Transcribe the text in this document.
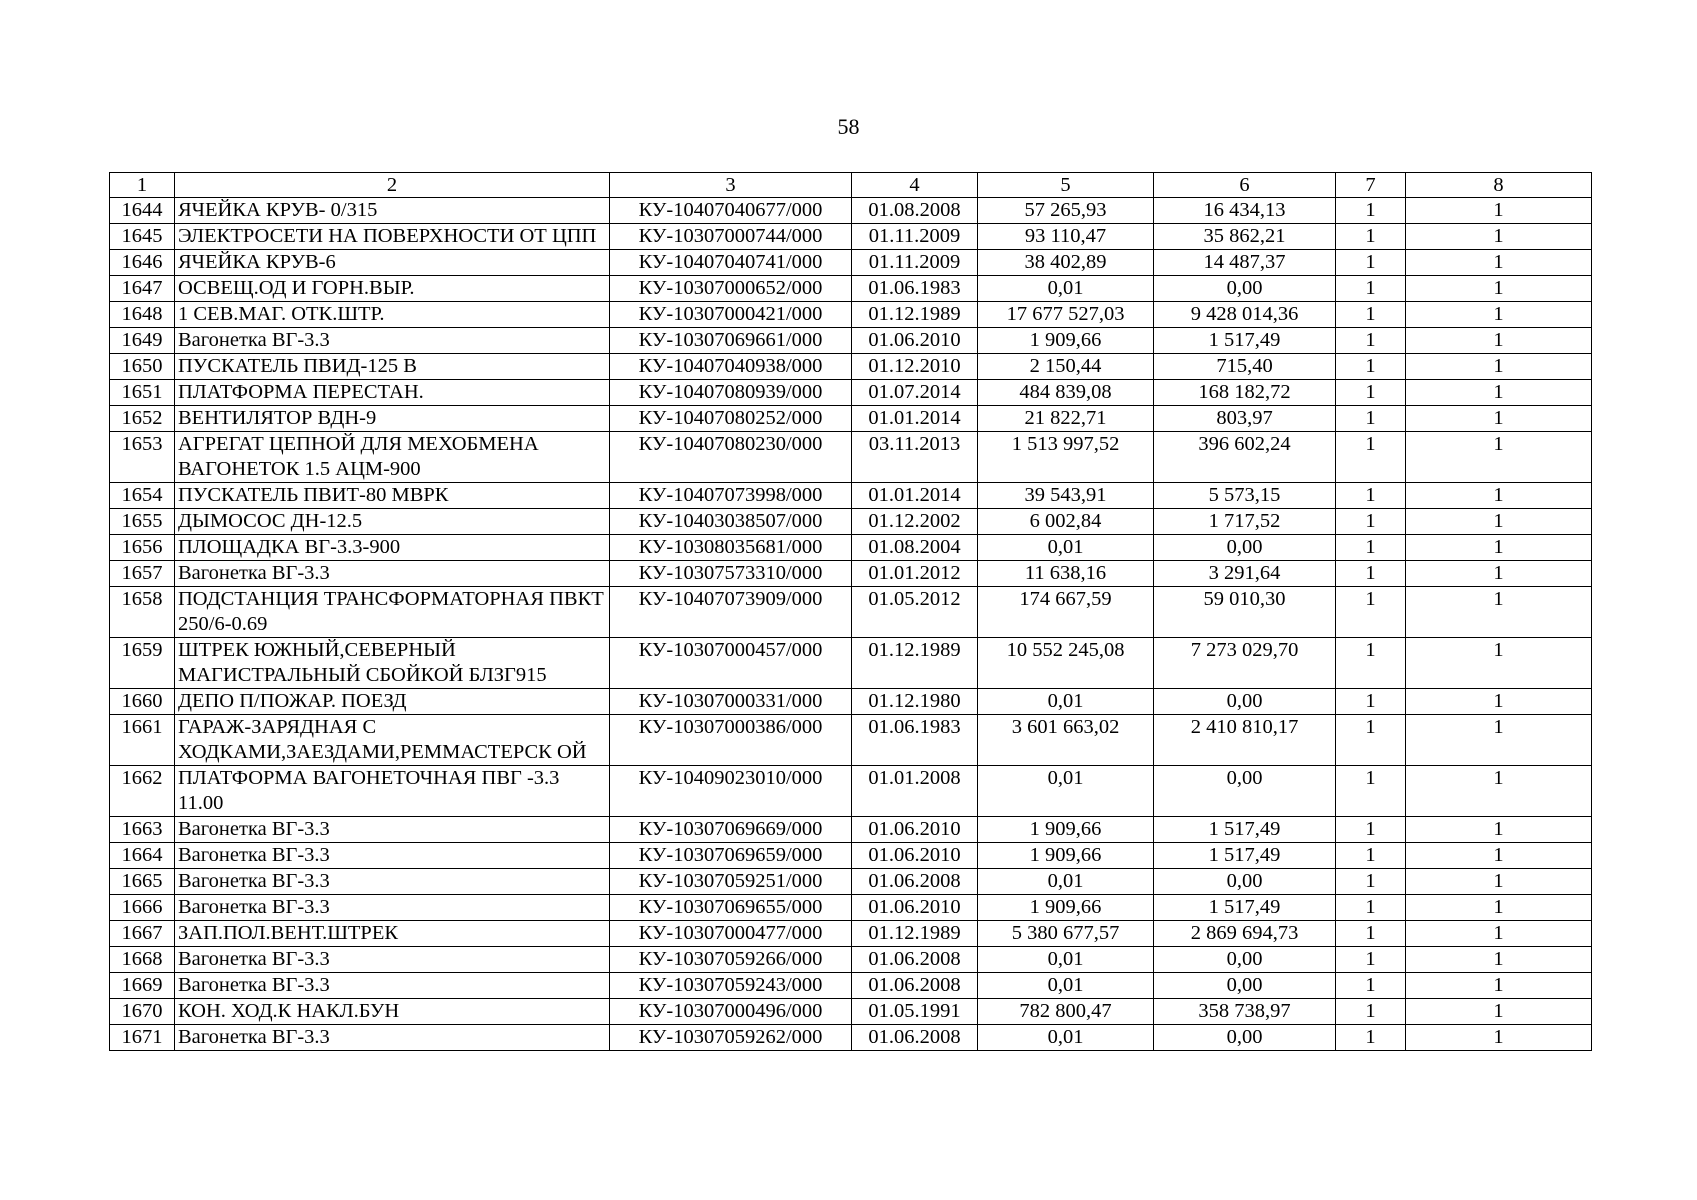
58
1	2	3	4	5	6	7	8
1644	ЯЧЕЙКА КРУВ- 0/315	КУ-10407040677/000	01.08.2008	57 265,93	16 434,13	1	1
1645	ЭЛЕКТРОСЕТИ НА ПОВЕРХНОСТИ ОТ ЦПП	КУ-10307000744/000	01.11.2009	93 110,47	35 862,21	1	1
1646	ЯЧЕЙКА КРУВ-6	КУ-10407040741/000	01.11.2009	38 402,89	14 487,37	1	1
1647	ОСВЕЩ.ОД И ГОРН.ВЫР.	КУ-10307000652/000	01.06.1983	0,01	0,00	1	1
1648	1 СЕВ.МАГ. ОТК.ШТР.	КУ-10307000421/000	01.12.1989	17 677 527,03	9 428 014,36	1	1
1649	Вагонетка ВГ-3.3	КУ-10307069661/000	01.06.2010	1 909,66	1 517,49	1	1
1650	ПУСКАТЕЛЬ ПВИД-125 В	КУ-10407040938/000	01.12.2010	2 150,44	715,40	1	1
1651	ПЛАТФОРМА ПЕРЕСТАН.	КУ-10407080939/000	01.07.2014	484 839,08	168 182,72	1	1
1652	ВЕНТИЛЯТОР ВДН-9	КУ-10407080252/000	01.01.2014	21 822,71	803,97	1	1
1653	АГРЕГАТ ЦЕПНОЙ ДЛЯ МЕХОБМЕНА ВАГОНЕТОК 1.5 АЦМ-900	КУ-10407080230/000	03.11.2013	1 513 997,52	396 602,24	1	1
1654	ПУСКАТЕЛЬ ПВИТ-80 МВРК	КУ-10407073998/000	01.01.2014	39 543,91	5 573,15	1	1
1655	ДЫМОСОС ДН-12.5	КУ-10403038507/000	01.12.2002	6 002,84	1 717,52	1	1
1656	ПЛОЩАДКА ВГ-3.3-900	КУ-10308035681/000	01.08.2004	0,01	0,00	1	1
1657	Вагонетка ВГ-3.3	КУ-10307573310/000	01.01.2012	11 638,16	3 291,64	1	1
1658	ПОДСТАНЦИЯ ТРАНСФОРМАТОРНАЯ ПВКТ 250/6-0.69	КУ-10407073909/000	01.05.2012	174 667,59	59 010,30	1	1
1659	ШТРЕК ЮЖНЫЙ,СЕВЕРНЫЙ МАГИСТРАЛЬНЫЙ СБОЙКОЙ БЛЗГ915	КУ-10307000457/000	01.12.1989	10 552 245,08	7 273 029,70	1	1
1660	ДЕПО П/ПОЖАР. ПОЕЗД	КУ-10307000331/000	01.12.1980	0,01	0,00	1	1
1661	ГАРАЖ-ЗАРЯДНАЯ С ХОДКАМИ,ЗАЕЗДАМИ,РЕММАСТЕРСК ОЙ	КУ-10307000386/000	01.06.1983	3 601 663,02	2 410 810,17	1	1
1662	ПЛАТФОРМА ВАГОНЕТОЧНАЯ ПВГ -3.3 11.00	КУ-10409023010/000	01.01.2008	0,01	0,00	1	1
1663	Вагонетка ВГ-3.3	КУ-10307069669/000	01.06.2010	1 909,66	1 517,49	1	1
1664	Вагонетка ВГ-3.3	КУ-10307069659/000	01.06.2010	1 909,66	1 517,49	1	1
1665	Вагонетка ВГ-3.3	КУ-10307059251/000	01.06.2008	0,01	0,00	1	1
1666	Вагонетка ВГ-3.3	КУ-10307069655/000	01.06.2010	1 909,66	1 517,49	1	1
1667	ЗАП.ПОЛ.ВЕНТ.ШТРЕК	КУ-10307000477/000	01.12.1989	5 380 677,57	2 869 694,73	1	1
1668	Вагонетка ВГ-3.3	КУ-10307059266/000	01.06.2008	0,01	0,00	1	1
1669	Вагонетка ВГ-3.3	КУ-10307059243/000	01.06.2008	0,01	0,00	1	1
1670	КОН. ХОД.К НАКЛ.БУН	КУ-10307000496/000	01.05.1991	782 800,47	358 738,97	1	1
1671	Вагонетка ВГ-3.3	КУ-10307059262/000	01.06.2008	0,01	0,00	1	1
